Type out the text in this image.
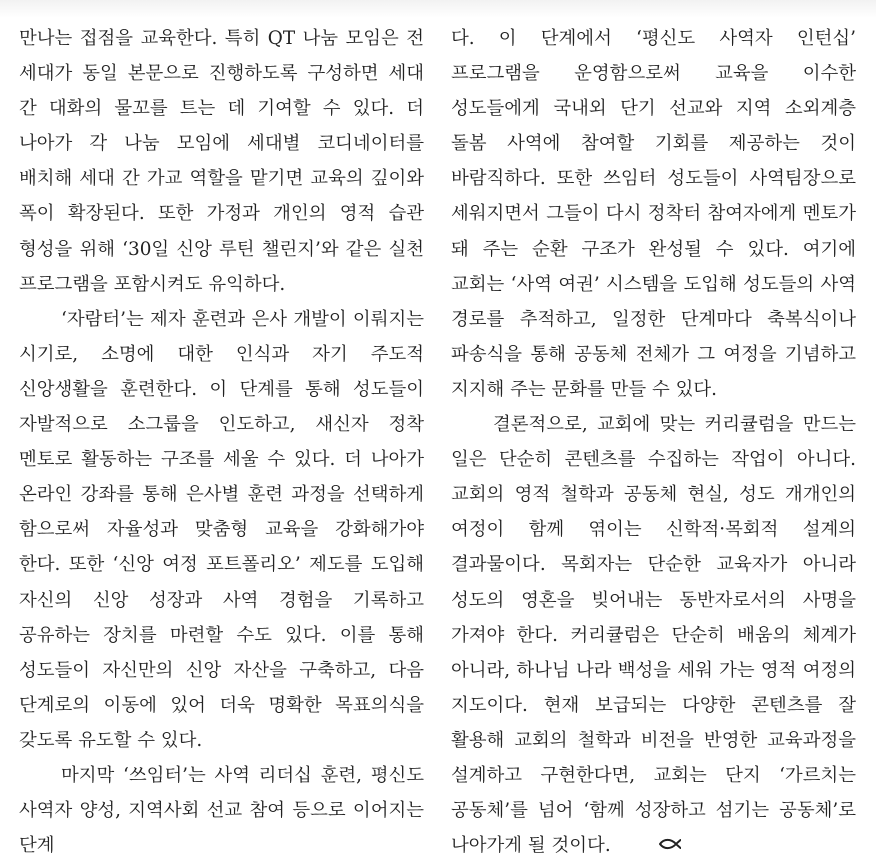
만나는 접점을 교육한다. 특히 QT 나눔 모임은 전 세대가 동일 본문으로 진행하도록 구성하면 세대 간 대화의 물꼬를 트는 데 기여할 수 있다. 더 나아가 각 나눔 모임에 세대별 코디네이터를 배치해 세대 간 가교 역할을 맡기면 교육의 깊이와 폭이 확장된다. 또한 가정과 개인의 영적 습관 형성을 위해 ‘30일 신앙 루틴 챌린지’와 같은 실천 프로그램을 포함시켜도 유익하다.

‘자람터’는 제자 훈련과 은사 개발이 이뤄지는 시기로, 소명에 대한 인식과 자기 주도적 신앙생활을 훈련한다. 이 단계를 통해 성도들이 자발적으로 소그룹을 인도하고, 새신자 정착 멘토로 활동하는 구조를 세울 수 있다. 더 나아가 온라인 강좌를 통해 은사별 훈련 과정을 선택하게 함으로써 자율성과 맞춤형 교육을 강화해가야 한다. 또한 ‘신앙 여정 포트폴리오’ 제도를 도입해 자신의 신앙 성장과 사역 경험을 기록하고 공유하는 장치를 마련할 수도 있다. 이를 통해 성도들이 자신만의 신앙 자산을 구축하고, 다음 단계로의 이동에 있어 더욱 명확한 목표의식을 갖도록 유도할 수 있다.

마지막 ‘쓰임터’는 사역 리더십 훈련, 평신도 사역자 양성, 지역사회 선교 참여 등으로 이어지는 단계

다. 이 단계에서 ‘평신도 사역자 인턴십’ 프로그램을 운영함으로써 교육을 이수한 성도들에게 국내외 단기 선교와 지역 소외계층 돌봄 사역에 참여할 기회를 제공하는 것이 바람직하다. 또한 쓰임터 성도들이 사역팀장으로 세워지면서 그들이 다시 정착터 참여자에게 멘토가 돼 주는 순환 구조가 완성될 수 있다. 여기에 교회는 ‘사역 여권’ 시스템을 도입해 성도들의 사역 경로를 추적하고, 일정한 단계마다 축복식이나 파송식을 통해 공동체 전체가 그 여정을 기념하고 지지해 주는 문화를 만들 수 있다.

결론적으로, 교회에 맞는 커리큘럼을 만드는 일은 단순히 콘텐츠를 수집하는 작업이 아니다. 교회의 영적 철학과 공동체 현실, 성도 개개인의 여정이 함께 엮이는 신학적·목회적 설계의 결과물이다. 목회자는 단순한 교육자가 아니라 성도의 영혼을 빚어내는 동반자로서의 사명을 가져야 한다. 커리큘럼은 단순히 배움의 체계가 아니라, 하나님 나라 백성을 세워 가는 영적 여정의 지도이다. 현재 보급되는 다양한 콘텐츠를 잘 활용해 교회의 철학과 비전을 반영한 교육과정을 설계하고 구현한다면, 교회는 단지 ‘가르치는 공동체’를 넘어 ‘함께 성장하고 섬기는 공동체’로 나아가게 될 것이다.
